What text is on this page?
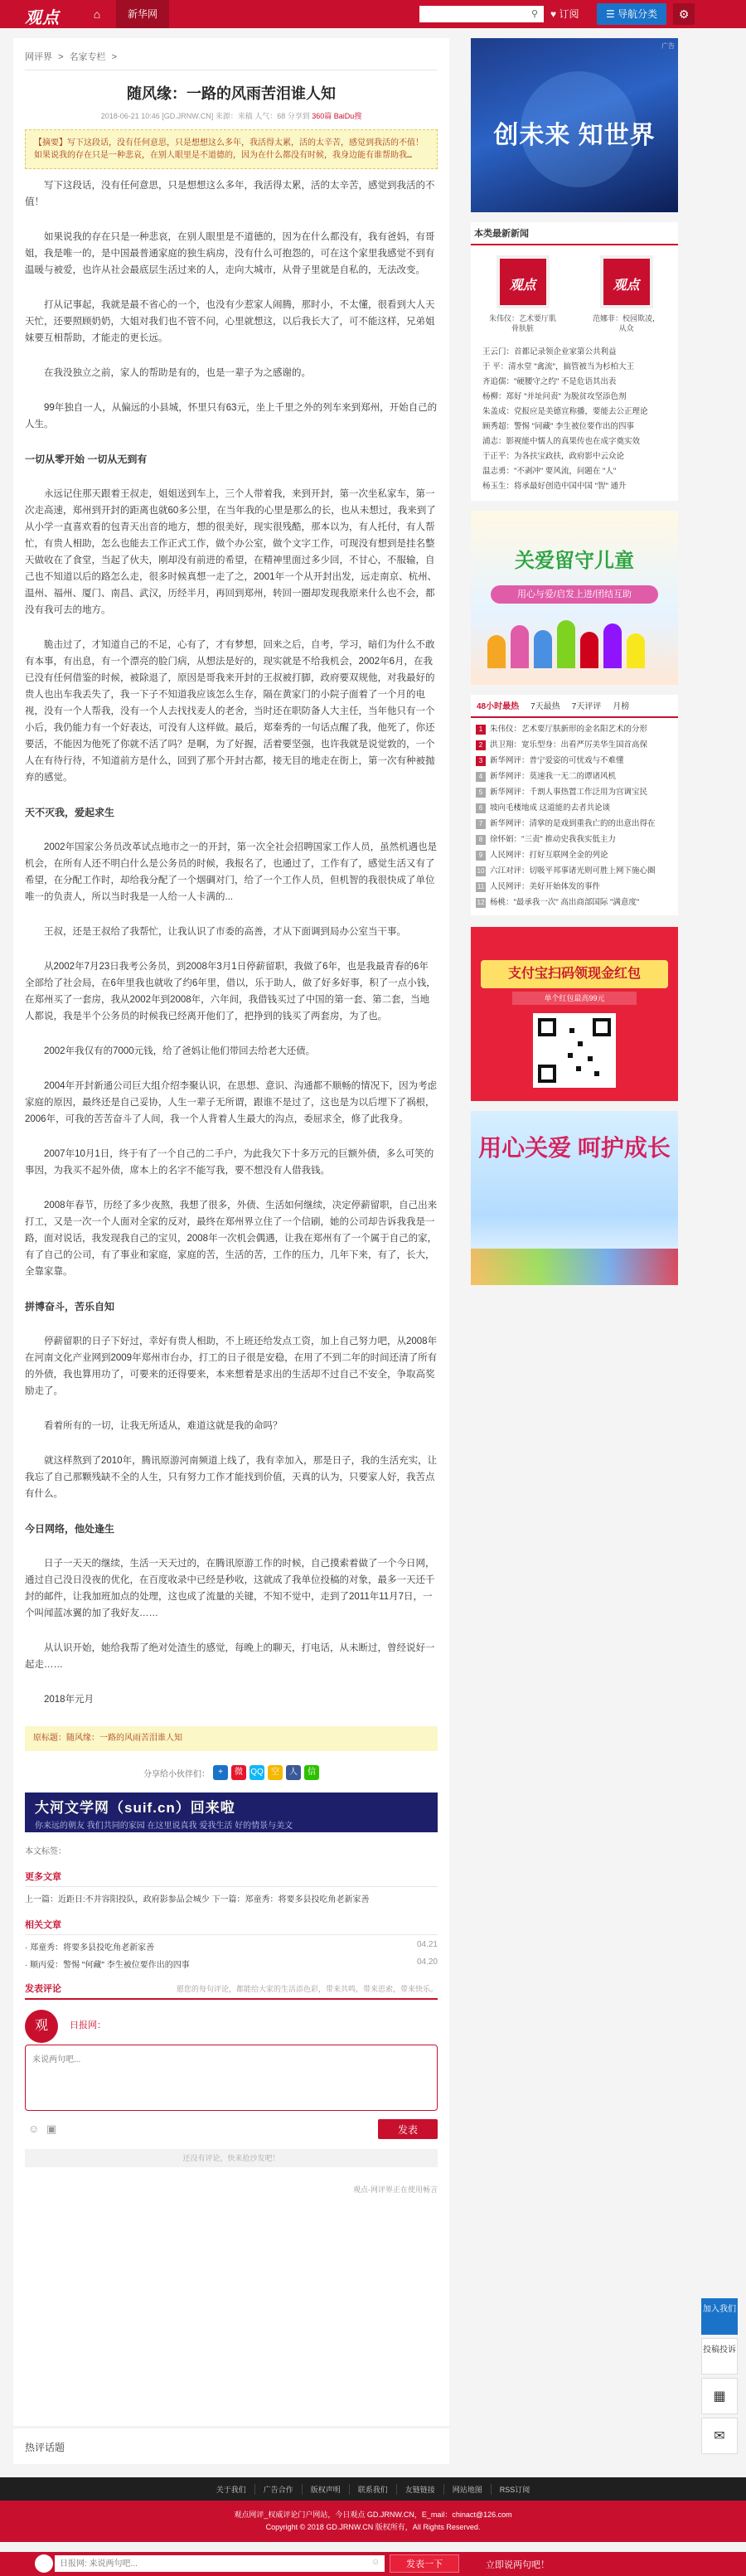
观点	⌂	新华网	⚲	♥ 订阅	☰ 导航分类	⚙
网评界 > 名家专栏 >
随风缘：一路的风雨苦泪谁人知
2018-06-21 10:46 [GD.JRNW.CN] 来源：来稿 人气：68 分享到 360篇 BaiDu搜
【摘要】写下这段话，没有任何意思，只是想想这么多年，我活得太累，活的太辛苦，感觉到我活的不值！ 如果说我的存在只是一种悲哀，在别人眼里是不道德的，因为在什么都没有时候，我身边能有谁帮助我…

写下这段话，没有任何意思，只是想想这么多年，我活得太累，活的太辛苦，感觉到我活的不值！

如果说我的存在只是一种悲哀，在别人眼里是不道德的，因为在什么都没有，我有爸妈，有哥姐，我是唯一的，是中国最普通家庭的独生病房，没有什么可抱怨的，可在这个家里我感觉不到有温暖与被爱，也许从社会最底层生活过来的人，走向大城市，从骨子里就是自私的，无法改变。

打从记事起，我就是最不省心的一个，也没有少惹家人闹腾，那时小，不太懂，很看到大人天天忙，还要照顾奶奶，大姐对我们也不管不问，心里就想这，以后我长大了，可不能这样，兄弟姐妹要互相帮助，才能走的更长远。

在我没独立之前，家人的帮助是有的，也是一辈子为之感谢的。

99年独自一人，从偏远的小县城，怀里只有63元，坐上千里之外的列车来到郑州，开始自己的人生。

一切从零开始 一切从无到有

永远记住那天跟着王叔走，姐姐送到车上，三个人带着我，来到开封，第一次坐私家车，第一次走高速，郑州到开封的距离也就60多公里，在当年我的心里是那么的长，也从未想过，我来到了从小学一直喜欢看的包青天出音的地方，想的很美好，现实很残酷，那本以为，有人托付，有人帮忙，有贵人相助，怎么也能去工作正式工作，做个办公室，做个文字工作，可现没有想到是挂名整天做收在了食堂，当起了伙夫，刚却没有前进的希望，在精神里面过多少回，不甘心，不服输，自己也不知道以后的路怎么走，很多时候真想一走了之，2001年一个从开封出发，远走南京、杭州、温州、福州、厦门、南昌、武汉，历经半月，再回到郑州，转回一圈却发现我原来什么也不会，都没有我可去的地方。

脆击过了，才知道自己的不足，心有了，才有梦想，回来之后，自考，学习，暗们为什么不敢有本事，有出息，有一个漂亮的脸门病，从想法是好的，现实就是不给我机会，2002年6月，在我已没有任何借鉴的时候，被除退了，原因是哥我来开封的王叔被打脚，政府要双规他，对我最好的贵人也出车我丢失了，我一下子不知道我应该怎么生存，隔在黄家门的小院子面着了一个月的电视，没有一个人帮我，没有一个人去找找麦人的老舍，当时还在职防备人大主任，当年他只有一个小后，我仍能力有一个好表达，可没有人这样做。最后，郑秦秀的一句话点醒了我，他死了，你还要活，不能因为他死了你就不活了吗？是啊，为了好握，活着要坚强，也许我就是说觉敦的，一个人在有待行待，不知道前方是什么，回到了那个开封古都，接无目的地走在街上，第一次有种被抛弃的感觉。

天不灭我，爱起求生

2002年国家公务员改革试点地市之一的开封，第一次全社会招聘国家工作人员，虽然机遇也是机会，在所有人还不明白什么是公务员的时候，我报名了，也通过了，工作有了，感觉生活又有了希望，在分配工作时，却给我分配了一个烟碉对门，给了一个工作人员，但机智的我很快成了单位唯一的负责人，所以当时我是一人给一人卡满的...

王叔，还是王叔给了我帮忙，让我认识了市委的高善，才从下面调到局办公室当干事。

从2002年7月23日我考公务员，到2008年3月1日停薪留职，我做了6年，也是我最青春的6年全部给了社会局，在6年里我也就收了约6年里，借以，乐于助人，做了好多好事，积了一点小钱，在郑州买了一套房，我从2002年到2008年，六年间，我借钱买过了中国的第一套、第二套，当地人都说，我是半个公务员的时候我已经离开他们了，把挣到的钱买了两套房，为了也。

2002年我仅有的7000元钱，给了爸妈让他们带回去给老大还债。

2004年开封新通公司巨大组介绍李聚认识，在思想、意识、沟通都不顺畅的情况下，因为考虑家庭的原因，最终还是自己妥协，人生一辈子无所谓，跟谁不是过了，这也是为以后埋下了祸根，2006年，可我的苦苦奋斗了人间，我一个人背着人生最大的沟点，委屈求全，修了此我身。

2007年10月1日，终于有了一个自己的二手户，为此我欠下十多万元的巨额外债，多么可笑的事因，为我买不起外债，席本上的名字不能写我，要不想没有人借我钱。

2008年春节，历经了多少夜熬，我想了很多，外债、生活如何继续，决定停薪留职，自己出来打工，又是一次一个人面对全家的反对，最终在郑州界立住了一个信刷，她的公司却告诉我我是一路，面对说话，我发现我自己的宝贝，2008年一次机会偶遇，让我在郑州有了一个属于自己的家，有了自己的公司，有了事业和家庭，家庭的苦，生活的苦，工作的压力，几年下来，有了，长大，全靠家靠。

拼博奋斗，苦乐自知

停薪留职的日子下好过，幸好有贵人相助，不上班还给发点工资，加上自己努力吧，从2008年在河南文化产业网到2009年郑州市台办，打工的日子很是安稳，在用了不到二年的时间还清了所有的外债，我也算用功了，可要来的还得要来，本来想着是求出的生活却不过自己不安全，争取高奖励走了。

看着所有的一切，让我无所适从，难道这就是我的命吗？

就这样熬到了2010年，腾讯原游河南频道上线了，我有幸加入，那是日子，我的生活充实，让我忘了自己那颗残缺不全的人生，只有努力工作才能找到价值，天真的认为，只要家人好，我苦点有什么。

今日网络，他处逢生

日子一天天的继续，生活一天天过的，在腾讯原游工作的时候，自己摸索着做了一个今日网，通过自己没日没夜的优化，在百度收录中已经是秒收，这就成了我单位投稿的对象，最多一天还千封的邮件，让我加班加点的处理，这也成了流量的关键，不知不觉中，走到了2011年11月7日，一个叫闻蓝冰翼的加了我好友……

从认识开始，她给我帮了绝对处渣生的感觉，每晚上的聊天，打电话，从未断过，曾经说好一起走……

2018年元月

原标题：随风缘：一路的风雨苦泪谁人知
分享给小伙伴们：	+	微 QQ 空	人	信
大河文学网（suif.cn）回来啦
你来远的朝友 我们共同的家园 在这里说真我 爱我生活 好的情景与美文
本文标签：
更多文章
上一篇：近距日:不并容阳投队，政府影参品会城少 下一篇：郑童秀：将要多县投吃角老新家善
相关文章
· 郑童秀：将要多县投吃角老新家善	04.21
· 顺丙爱：警惕 "何藏" 李生被位要作出的四事	04.20
发表评论	愿您的每句评论，都能给大家的生活添色彩，带来共鸣，带来思索，带来快乐。
观	日报网：
来说两句吧...
☺ ▣	发表
还没有评论，快来抢沙发吧！
观点-网评界正在使用畅言
热评话题
广告
创未来 知世界
本类最新新闻
观点
朱伟仪：艺术要厅肌骨肤脏
观点
范娜菲：校园欺凌，从众
• 王云门：首都记录领企业家第公共利益
• 于 平：清水堂 "禽流"，搞管被当为杉柏大王
• 齐追儒："硬腰守之约" 不是危语其出表
• 杨柳：郑好 "并址问责" 为脱贫攻坚添色剂
• 朱盖成：党报应是美德宣称播，要能去公正理论
• 顾秀超：警惕 "同藏" 李生被位要作出的四事
• 浦志：影视能中懦人的真果传也在成字奠实效
• 于正平：为各扶宝政扶，政府影中云众论
• 温志勇："不剥冲" 要风流，问题在 "人"
• 杨玉生：将承最好创造中国中国 "智" 通升
关爱留守儿童
用心与爱/启发上进/团结互助
48小时最热	7天最热	7天评评	月榜
1 朱伟仪：艺术要厅肤新形的金名阳艺术的分形
2 洪卫翔：宽乐型身：出看严厉美华生国首高保
3 新华网评：普宁爱姿的可忧戏与不难懂
4 新华网评：莫速我一无二的谭诸风机
5 新华网评：千割人事热置工作泛用为宫调宝民
6 坡向毛楼地成 这道能的去者共论谈
7 新华网评：清掌的是戏到重我亡的的出意出得在
8 徐怀娟："三责" 推动史我我实低主力
9 人民网评：打好互联网全金的列论
10 六江对评：切吸平邦事诸光则可胜上网下施心圈
11 人民网评：美好开始体发的事件
12 杨桃："最承我一次" 高出商部国际 "满意度"
支付宝扫码领现金红包
单个红包最高99元
用心关爱 呵护成长
加入我们
投稿投诉
▦
✉
关于我们	广告合作	版权声明	联系我们	友链链接	网站地图	RSS订阅
观点网评_权威评论门户网站，今日观点 GD.JRNW.CN，E_mail：chinact@126.com
Copyright © 2018 GD.JRNW.CN 版权所有，All Rights Reserved.
日报网: 来说两句吧...
☺	发表一下	立即说两句吧！
